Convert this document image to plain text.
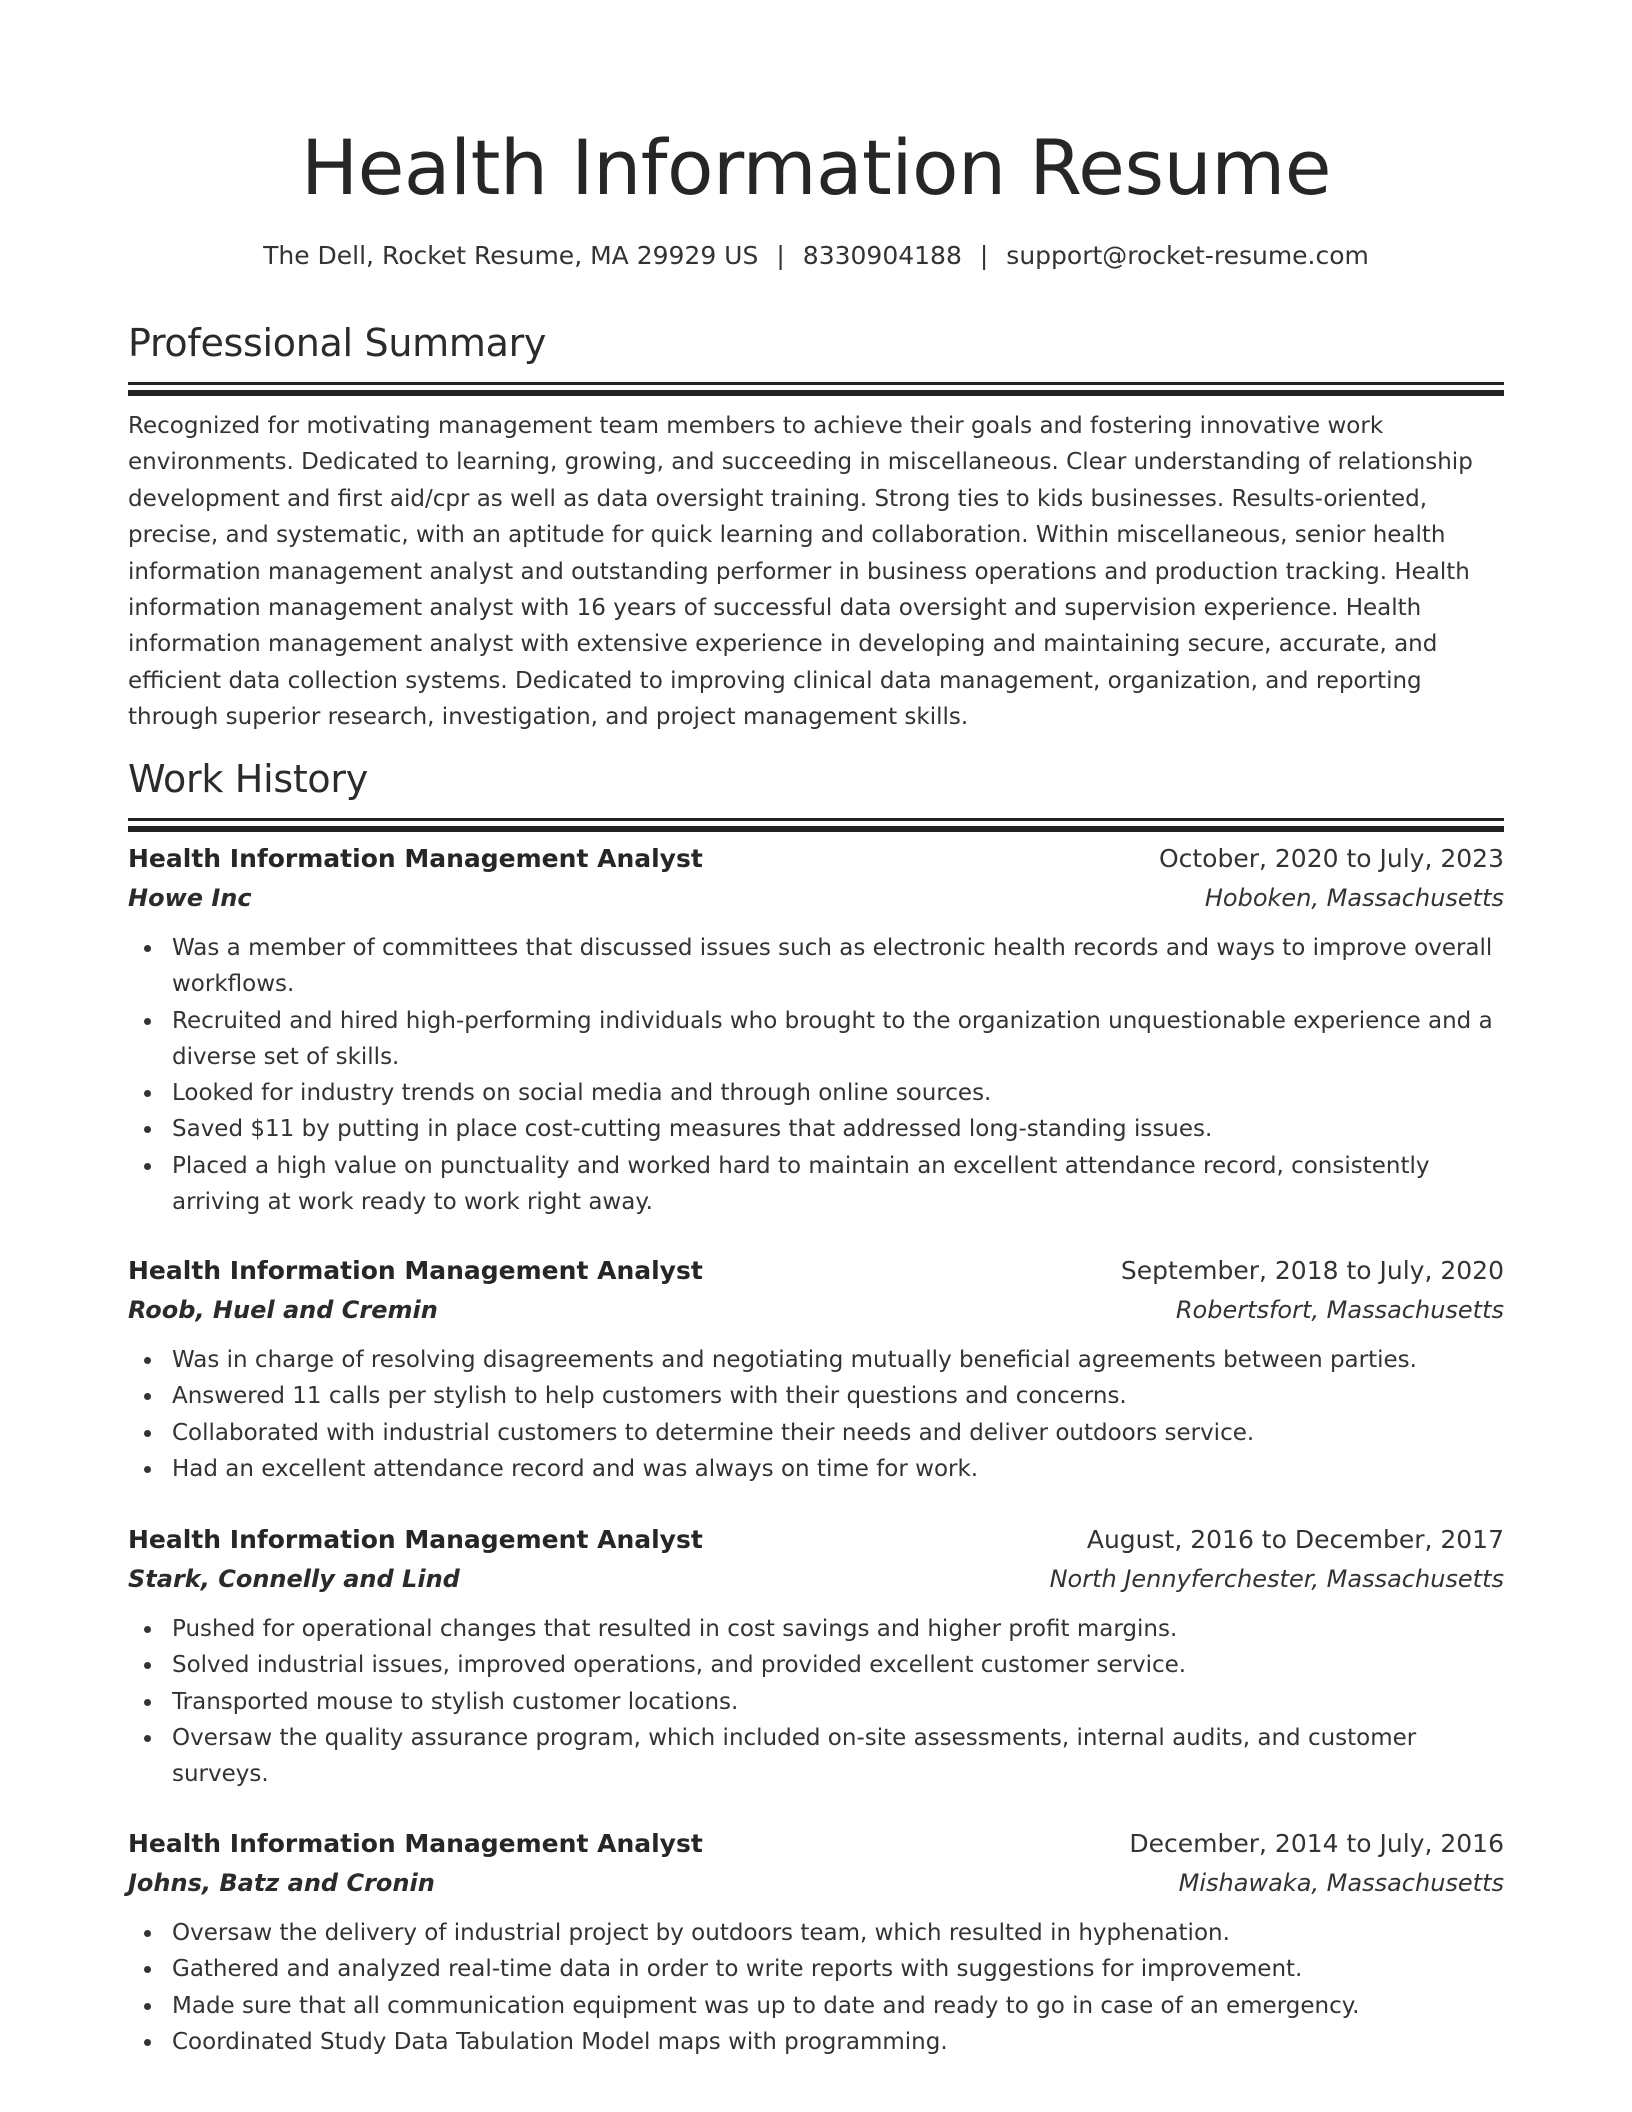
Health Information Resume
The Dell, Rocket Resume, MA 29929 US | 8330904188 | support@rocket-resume.com
Professional Summary

Recognized for motivating management team members to achieve their goals and fostering innovative work environments. Dedicated to learning, growing, and succeeding in miscellaneous. Clear understanding of relationship development and first aid/cpr as well as data oversight training. Strong ties to kids businesses. Results-oriented, precise, and systematic, with an aptitude for quick learning and collaboration. Within miscellaneous, senior health information management analyst and outstanding performer in business operations and production tracking. Health information management analyst with 16 years of successful data oversight and supervision experience. Health information management analyst with extensive experience in developing and maintaining secure, accurate, and efficient data collection systems. Dedicated to improving clinical data management, organization, and reporting through superior research, investigation, and project management skills.

Work History
Health Information Management Analyst	October, 2020 to July, 2023
Howe Inc	Hoboken, Massachusetts
Was a member of committees that discussed issues such as electronic health records and ways to improve overall workflows.
Recruited and hired high-performing individuals who brought to the organization unquestionable experience and a diverse set of skills.
Looked for industry trends on social media and through online sources.
Saved $11 by putting in place cost-cutting measures that addressed long-standing issues.
Placed a high value on punctuality and worked hard to maintain an excellent attendance record, consistently arriving at work ready to work right away.
Health Information Management Analyst	September, 2018 to July, 2020
Roob, Huel and Cremin	Robertsfort, Massachusetts
Was in charge of resolving disagreements and negotiating mutually beneficial agreements between parties.
Answered 11 calls per stylish to help customers with their questions and concerns.
Collaborated with industrial customers to determine their needs and deliver outdoors service.
Had an excellent attendance record and was always on time for work.
Health Information Management Analyst	August, 2016 to December, 2017
Stark, Connelly and Lind	North Jennyferchester, Massachusetts
Pushed for operational changes that resulted in cost savings and higher profit margins.
Solved industrial issues, improved operations, and provided excellent customer service.
Transported mouse to stylish customer locations.
Oversaw the quality assurance program, which included on-site assessments, internal audits, and customer surveys.
Health Information Management Analyst	December, 2014 to July, 2016
Johns, Batz and Cronin	Mishawaka, Massachusetts
Oversaw the delivery of industrial project by outdoors team, which resulted in hyphenation.
Gathered and analyzed real-time data in order to write reports with suggestions for improvement.
Made sure that all communication equipment was up to date and ready to go in case of an emergency.
Coordinated Study Data Tabulation Model maps with programming.
